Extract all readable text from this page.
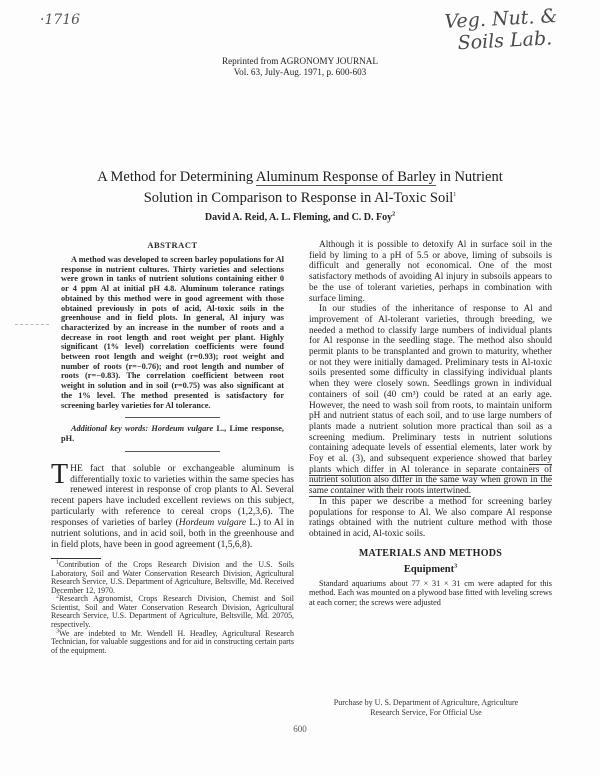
·1716	Veg. Nut. &
Soils Lab.
Reprinted from AGRONOMY JOURNAL
Vol. 63, July-Aug. 1971, p. 600-603
A Method for Determining Aluminum Response of Barley in Nutrient
Solution in Comparison to Response in Al-Toxic Soil$^1$
David A. Reid, A. L. Fleming, and C. D. Foy$^2$
ABSTRACT

A method was developed to screen barley populations for Al response in nutrient cultures. Thirty varieties and selections were grown in tanks of nutrient solutions containing either 0 or 4 ppm Al at initial pH 4.8. Aluminum tolerance ratings obtained by this method were in good agreement with those obtained previously in pots of acid, Al-toxic soils in the greenhouse and in field plots. In general, Al injury was characterized by an increase in the number of roots and a decrease in root length and root weight per plant. Highly significant (1% level) correlation coefficients were found between root length and weight (r=0.93); root weight and number of roots (r=−0.76); and root length and number of roots (r=−0.83). The correlation coefficient between root weight in solution and in soil (r=0.75) was also significant at the 1% level. The method presented is satisfactory for screening barley varieties for Al tolerance.

Additional key words: Hordeum vulgare L., Lime response, pH.

THE fact that soluble or exchangeable aluminum is differentially toxic to varieties within the same species has renewed interest in response of crop plants to Al. Several recent papers have included excellent reviews on this subject, particularly with reference to cereal crops (1,2,3,6). The responses of varieties of barley (Hordeum vulgare L.) to Al in nutrient solutions, and in acid soil, both in the greenhouse and in field plots, have been in good agreement (1,5,6,8).

$^1$Contribution of the Crops Research Division and the U.S. Soils Laboratory, Soil and Water Conservation Research Division, Agricultural Research Service, U.S. Department of Agriculture, Beltsville, Md. Received December 12, 1970.

$^2$Research Agronomist, Crops Research Division, Chemist and Soil Scientist, Soil and Water Conservation Research Division, Agricultural Research Service, U.S. Department of Agriculture, Beltsville, Md. 20705, respectively.

$^3$We are indebted to Mr. Wendell H. Headley, Agricultural Research Technician, for valuable suggestions and for aid in constructing certain parts of the equipment.

Although it is possible to detoxify Al in surface soil in the field by liming to a pH of 5.5 or above, liming of subsoils is difficult and generally not economical. One of the most satisfactory methods of avoiding Al injury in subsoils appears to be the use of tolerant varieties, perhaps in combination with surface liming.

In our studies of the inheritance of response to Al and improvement of Al-tolerant varieties, through breeding, we needed a method to classify large numbers of individual plants for Al response in the seedling stage. The method also should permit plants to be transplanted and grown to maturity, whether or not they were initially damaged. Preliminary tests in Al-toxic soils presented some difficulty in classifying individual plants when they were closely sown. Seedlings grown in individual containers of soil (40 cm³) could be rated at an early age. However, the need to wash soil from roots, to maintain uniform pH and nutrient status of each soil, and to use large numbers of plants made a nutrient solution more practical than soil as a screening medium. Preliminary tests in nutrient solutions containing adequate levels of essential elements, later work by Foy et al. (3), and subsequent experience showed that barley plants which differ in Al tolerance in separate containers of nutrient solution also differ in the same way when grown in the same container with their roots intertwined.

In this paper we describe a method for screening barley populations for response to Al. We also compare Al response ratings obtained with the nutrient culture method with those obtained in acid, Al-toxic soils.

MATERIALS AND METHODS
Equipment$^3$

Standard aquariums about 77 × 31 × 31 cm were adapted for this method. Each was mounted on a plywood base fitted with leveling screws at each corner; the screws were adjusted

Purchase by U. S. Department of Agriculture, Agriculture
Research Service, For Official Use
600
